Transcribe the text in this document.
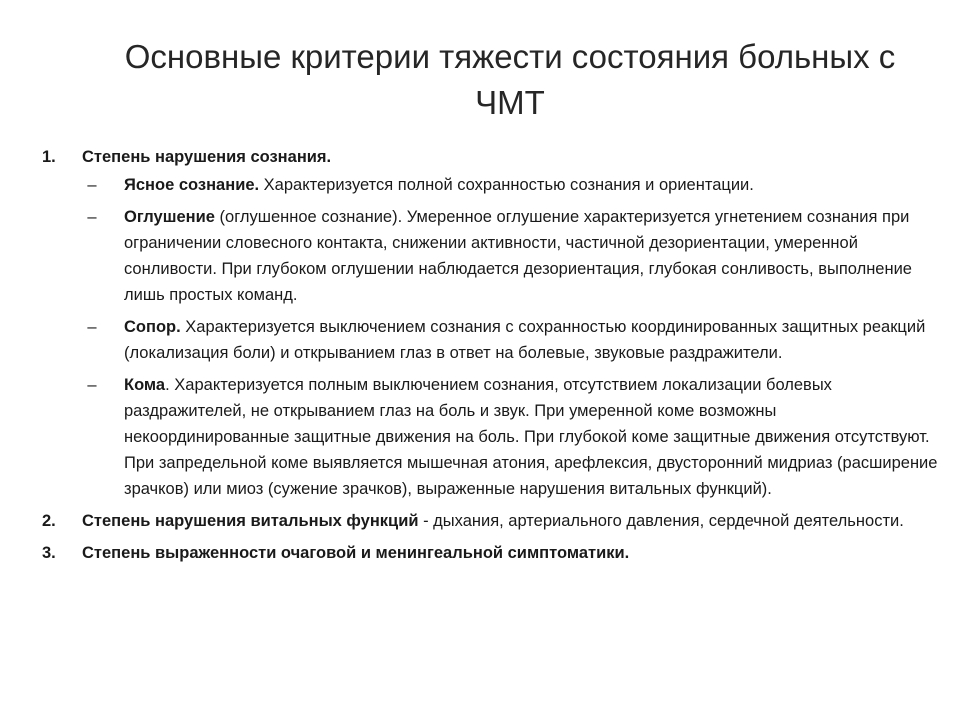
Основные критерии тяжести состояния больных с ЧМТ
1. Степень нарушения сознания.
–	Ясное сознание. Характеризуется полной сохранностью сознания и ориентации.
–	Оглушение (оглушенное сознание). Умеренное оглушение характеризуется угнетением сознания при ограничении словесного контакта, снижении активности, частичной дезориентации, умеренной сонливости. При глубоком оглушении наблюдается дезориентация, глубокая сонливость, выполнение лишь простых команд.
–	Сопор. Характеризуется выключением сознания с сохранностью координированных защитных реакций (локализация боли) и открыванием глаз в ответ на болевые, звуковые раздражители.
–	Кома. Характеризуется полным выключением сознания, отсутствием локализации болевых раздражителей, не открыванием глаз на боль и звук. При умеренной коме возможны некоординированные защитные движения на боль. При глубокой коме защитные движения отсутствуют. При запредельной коме выявляется мышечная атония, арефлексия, двусторонний мидриаз (расширение зрачков) или миоз (сужение зрачков), выраженные нарушения витальных функций).
2. Степень нарушения витальных функций - дыхания, артериального давления, сердечной деятельности.
3. Степень выраженности очаговой и менингеальной симптоматики.
